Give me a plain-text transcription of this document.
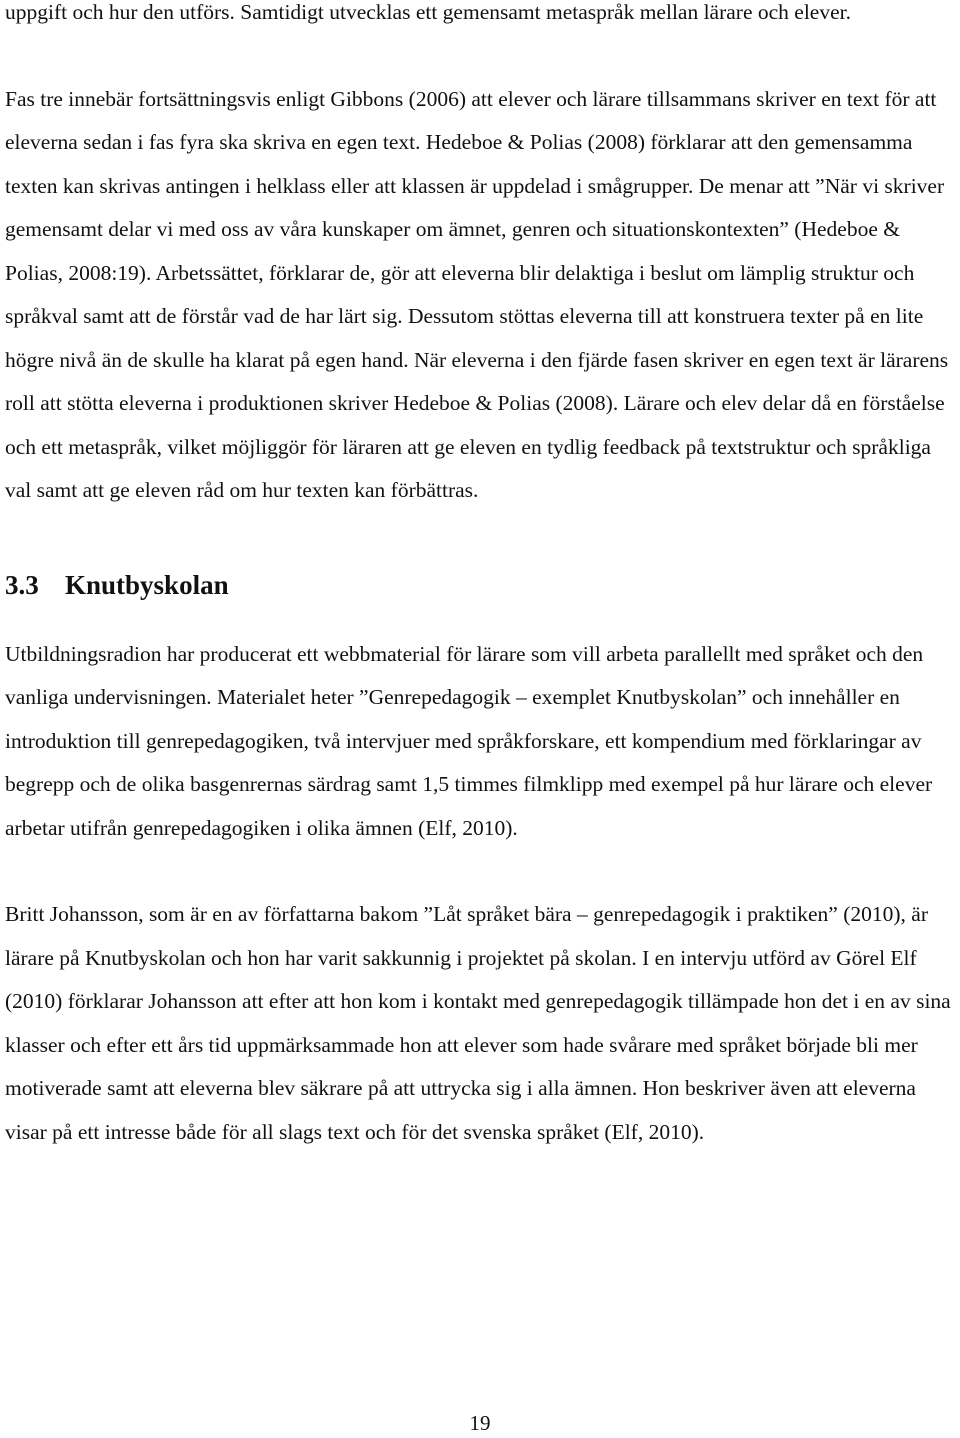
uppgift och hur den utförs. Samtidigt utvecklas ett gemensamt metaspråk mellan lärare och elever.

Fas tre innebär fortsättningsvis enligt Gibbons (2006) att elever och lärare tillsammans skriver en text för att eleverna sedan i fas fyra ska skriva en egen text. Hedeboe & Polias (2008) förklarar att den gemensamma texten kan skrivas antingen i helklass eller att klassen är uppdelad i smågrupper. De menar att ”När vi skriver gemensamt delar vi med oss av våra kunskaper om ämnet, genren och situationskontexten” (Hedeboe & Polias, 2008:19). Arbetssättet, förklarar de, gör att eleverna blir delaktiga i beslut om lämplig struktur och språkval samt att de förstår vad de har lärt sig. Dessutom stöttas eleverna till att konstruera texter på en lite högre nivå än de skulle ha klarat på egen hand. När eleverna i den fjärde fasen skriver en egen text är lärarens roll att stötta eleverna i produktionen skriver Hedeboe & Polias (2008). Lärare och elev delar då en förståelse och ett metaspråk, vilket möjliggör för läraren att ge eleven en tydlig feedback på textstruktur och språkliga val samt att ge eleven råd om hur texten kan förbättras.

3.3 Knutbyskolan

Utbildningsradion har producerat ett webbmaterial för lärare som vill arbeta parallellt med språket och den vanliga undervisningen. Materialet heter ”Genrepedagogik – exemplet Knutbyskolan” och innehåller en introduktion till genrepedagogiken, två intervjuer med språkforskare, ett kompendium med förklaringar av begrepp och de olika basgenrernas särdrag samt 1,5 timmes filmklipp med exempel på hur lärare och elever arbetar utifrån genrepedagogiken i olika ämnen (Elf, 2010).

Britt Johansson, som är en av författarna bakom ”Låt språket bära – genrepedagogik i praktiken” (2010), är lärare på Knutbyskolan och hon har varit sakkunnig i projektet på skolan. I en intervju utförd av Görel Elf (2010) förklarar Johansson att efter att hon kom i kontakt med genrepedagogik tillämpade hon det i en av sina klasser och efter ett års tid uppmärksammade hon att elever som hade svårare med språket började bli mer motiverade samt att eleverna blev säkrare på att uttrycka sig i alla ämnen. Hon beskriver även att eleverna visar på ett intresse både för all slags text och för det svenska språket (Elf, 2010).

19
